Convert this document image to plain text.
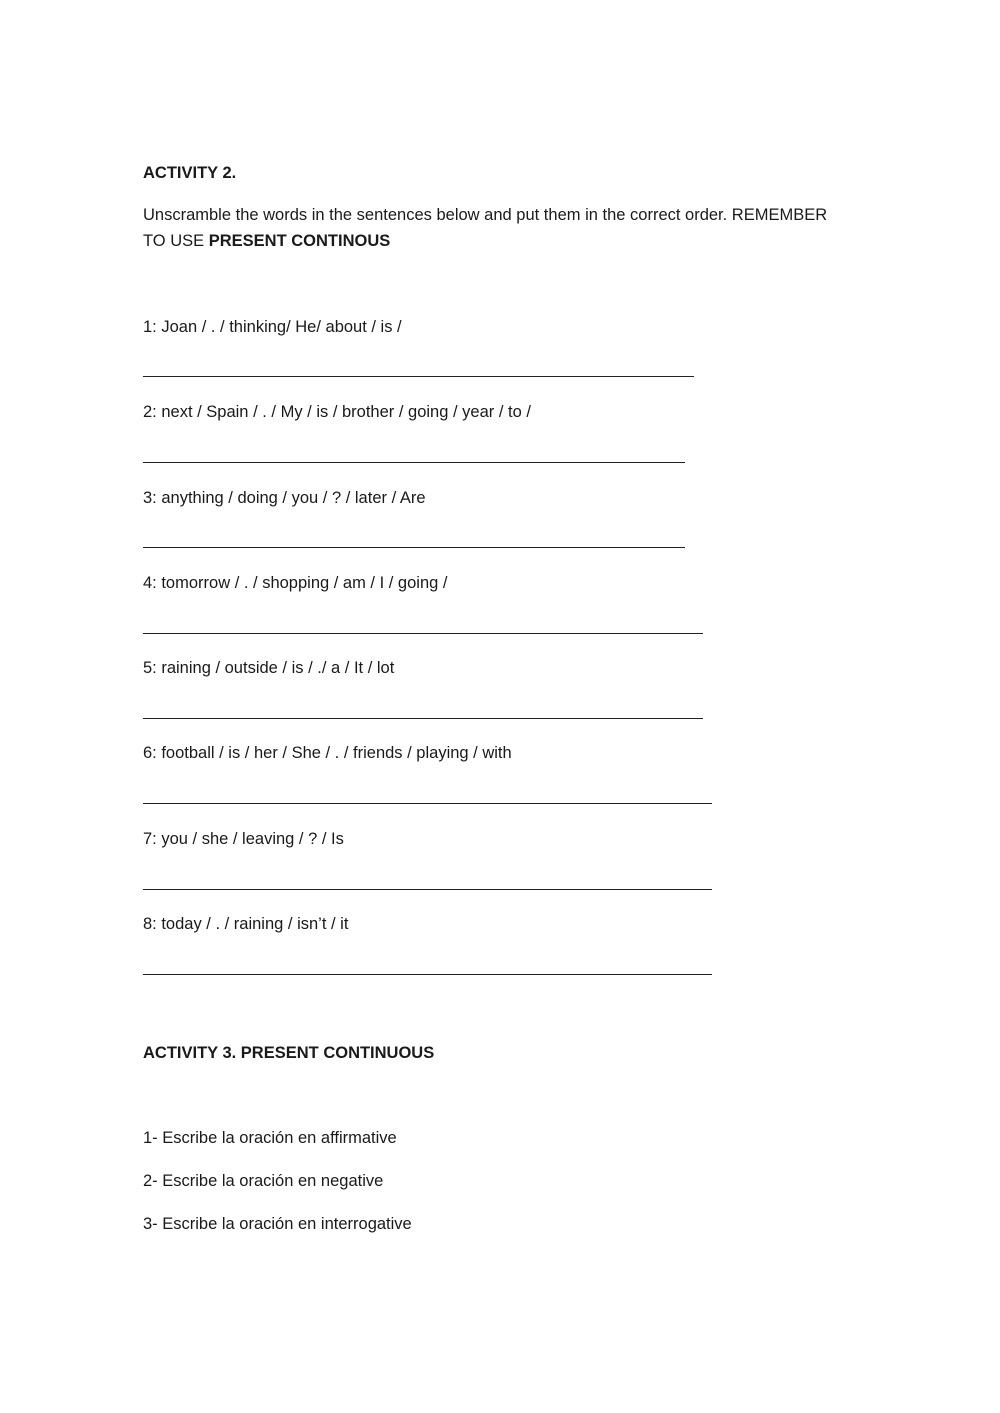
ACTIVITY 2.
Unscramble the words in the sentences below and put them in the correct order. REMEMBER
TO USE PRESENT CONTINOUS
1: Joan / . / thinking/ He/ about / is /
2: next / Spain / . / My / is / brother / going / year / to /
3: anything / doing / you / ? / later / Are
4: tomorrow / . / shopping / am / I / going /
5: raining / outside / is / ./ a / It / lot
6: football / is / her / She / . / friends / playing / with
7: you / she / leaving / ? / Is
8: today / . / raining / isn’t / it
ACTIVITY 3. PRESENT CONTINUOUS
1- Escribe la oración en affirmative
2- Escribe la oración en negative
3- Escribe la oración en interrogative
